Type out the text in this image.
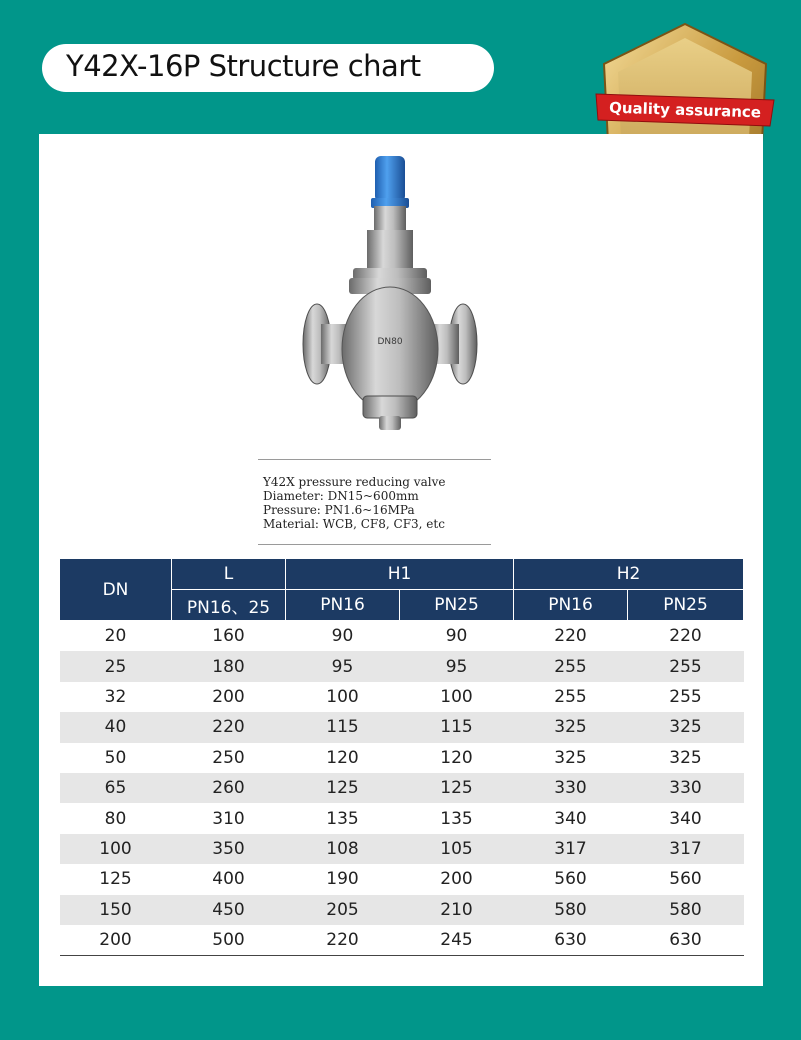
Y42X-16P Structure chart
Quality assurance
DN80
Y42X pressure reducing valve
Diameter: DN15~600mm
Pressure: PN1.6~16MPa
Material: WCB, CF8, CF3, etc
DN	L	H1		H2	
	PN16、25	PN16	PN25	PN16	PN25
20	160	90	90	220	220
25	180	95	95	255	255
32	200	100	100	255	255
40	220	115	115	325	325
50	250	120	120	325	325
65	260	125	125	330	330
80	310	135	135	340	340
100	350	108	105	317	317
125	400	190	200	560	560
150	450	205	210	580	580
200	500	220	245	630	630
